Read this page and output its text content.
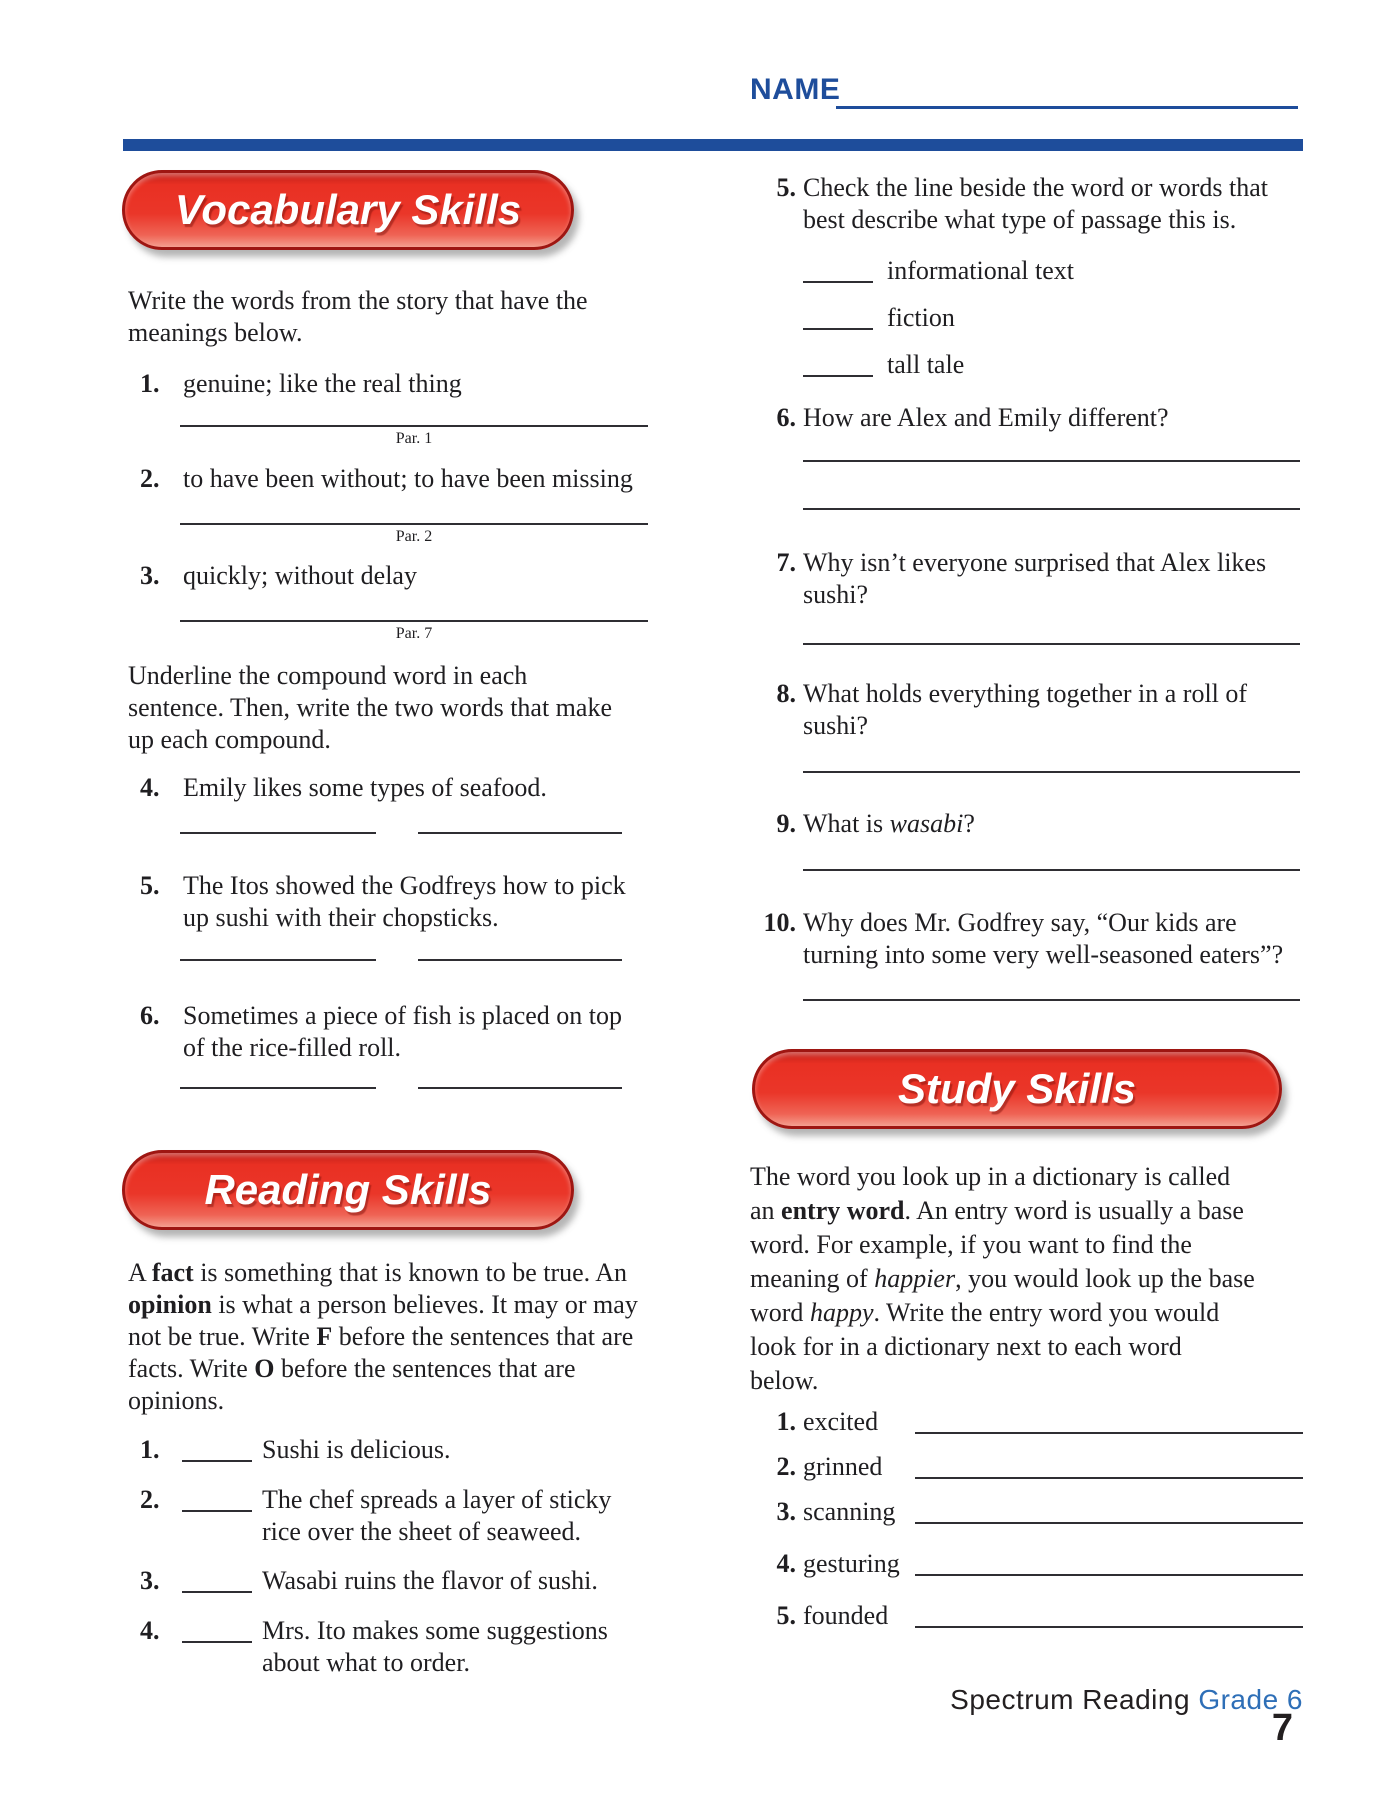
NAME
Vocabulary Skills

Write the words from the story that have the meanings below.

1. genuine; like the real thing
Par. 1
2. to have been without; to have been missing
Par. 2
3. quickly; without delay
Par. 7

Underline the compound word in each sentence. Then, write the two words that make up each compound.

4. Emily likes some types of seafood.
5. The Itos showed the Godfreys how to pick up sushi with their chopsticks.
6. Sometimes a piece of fish is placed on top of the rice-filled roll.
Reading Skills

A fact is something that is known to be true. An opinion is what a person believes. It may or may not be true. Write F before the sentences that are facts. Write O before the sentences that are opinions.

1.	Sushi is delicious.
2.	The chef spreads a layer of sticky rice over the sheet of seaweed.
3.	Wasabi ruins the flavor of sushi.
4.	Mrs. Ito makes some suggestions about what to order.
5. Check the line beside the word or words that best describe what type of passage this is.
informational text
fiction
tall tale
6. How are Alex and Emily different?
7. Why isn’t everyone surprised that Alex likes sushi?
8. What holds everything together in a roll of sushi?
9. What is wasabi?
10. Why does Mr. Godfrey say, “Our kids are turning into some very well-seasoned eaters”?
Study Skills

The word you look up in a dictionary is called an entry word. An entry word is usually a base word. For example, if you want to find the meaning of happier, you would look up the base word happy. Write the entry word you would look for in a dictionary next to each word below.

1. excited
2. grinned
3. scanning
4. gesturing
5. founded
Spectrum Reading Grade 6
7
